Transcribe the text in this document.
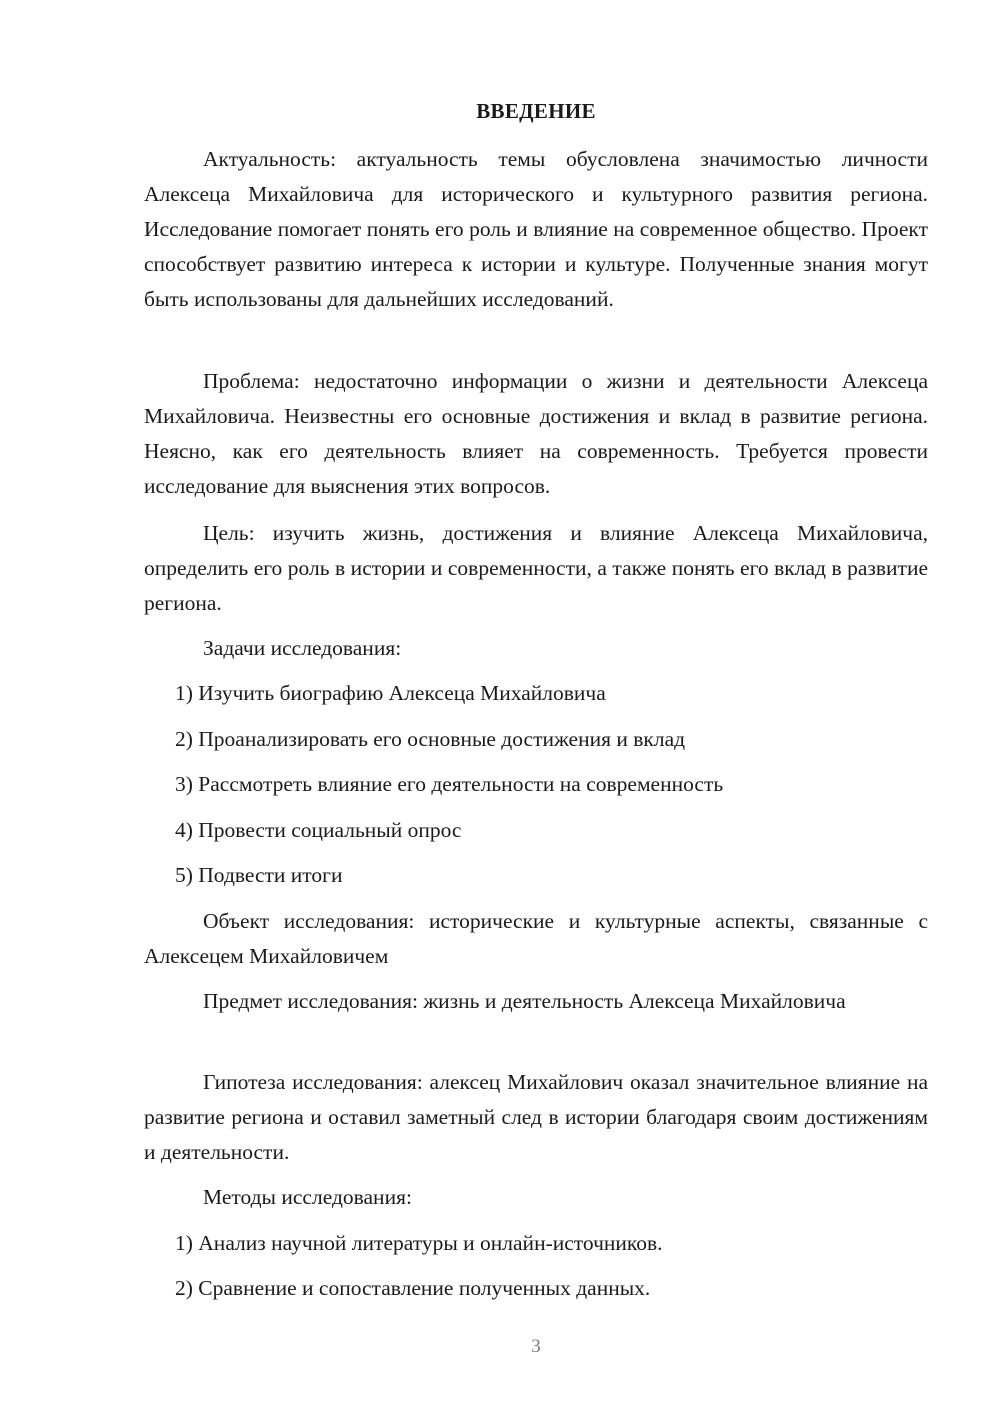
ВВЕДЕНИЕ

Актуальность: актуальность темы обусловлена значимостью личности Алексеца Михайловича для исторического и культурного развития региона. Исследование помогает понять его роль и влияние на современное общество. Проект способствует развитию интереса к истории и культуре. Полученные знания могут быть использованы для дальнейших исследований.

Проблема: недостаточно информации о жизни и деятельности Алексеца Михайловича. Неизвестны его основные достижения и вклад в развитие региона. Неясно, как его деятельность влияет на современность. Требуется провести исследование для выяснения этих вопросов.

Цель: изучить жизнь, достижения и влияние Алексеца Михайловича, определить его роль в истории и современности, а также понять его вклад в развитие региона.

Задачи исследования:

1) Изучить биографию Алексеца Михайловича

2) Проанализировать его основные достижения и вклад

3) Рассмотреть влияние его деятельности на современность

4) Провести социальный опрос

5) Подвести итоги

Объект исследования: исторические и культурные аспекты, связанные с Алексецем Михайловичем

Предмет исследования: жизнь и деятельность Алексеца Михайловича

Гипотеза исследования: алексец Михайлович оказал значительное влияние на развитие региона и оставил заметный след в истории благодаря своим достижениям и деятельности.

Методы исследования:

1) Анализ научной литературы и онлайн-источников.

2) Сравнение и сопоставление полученных данных.

3
